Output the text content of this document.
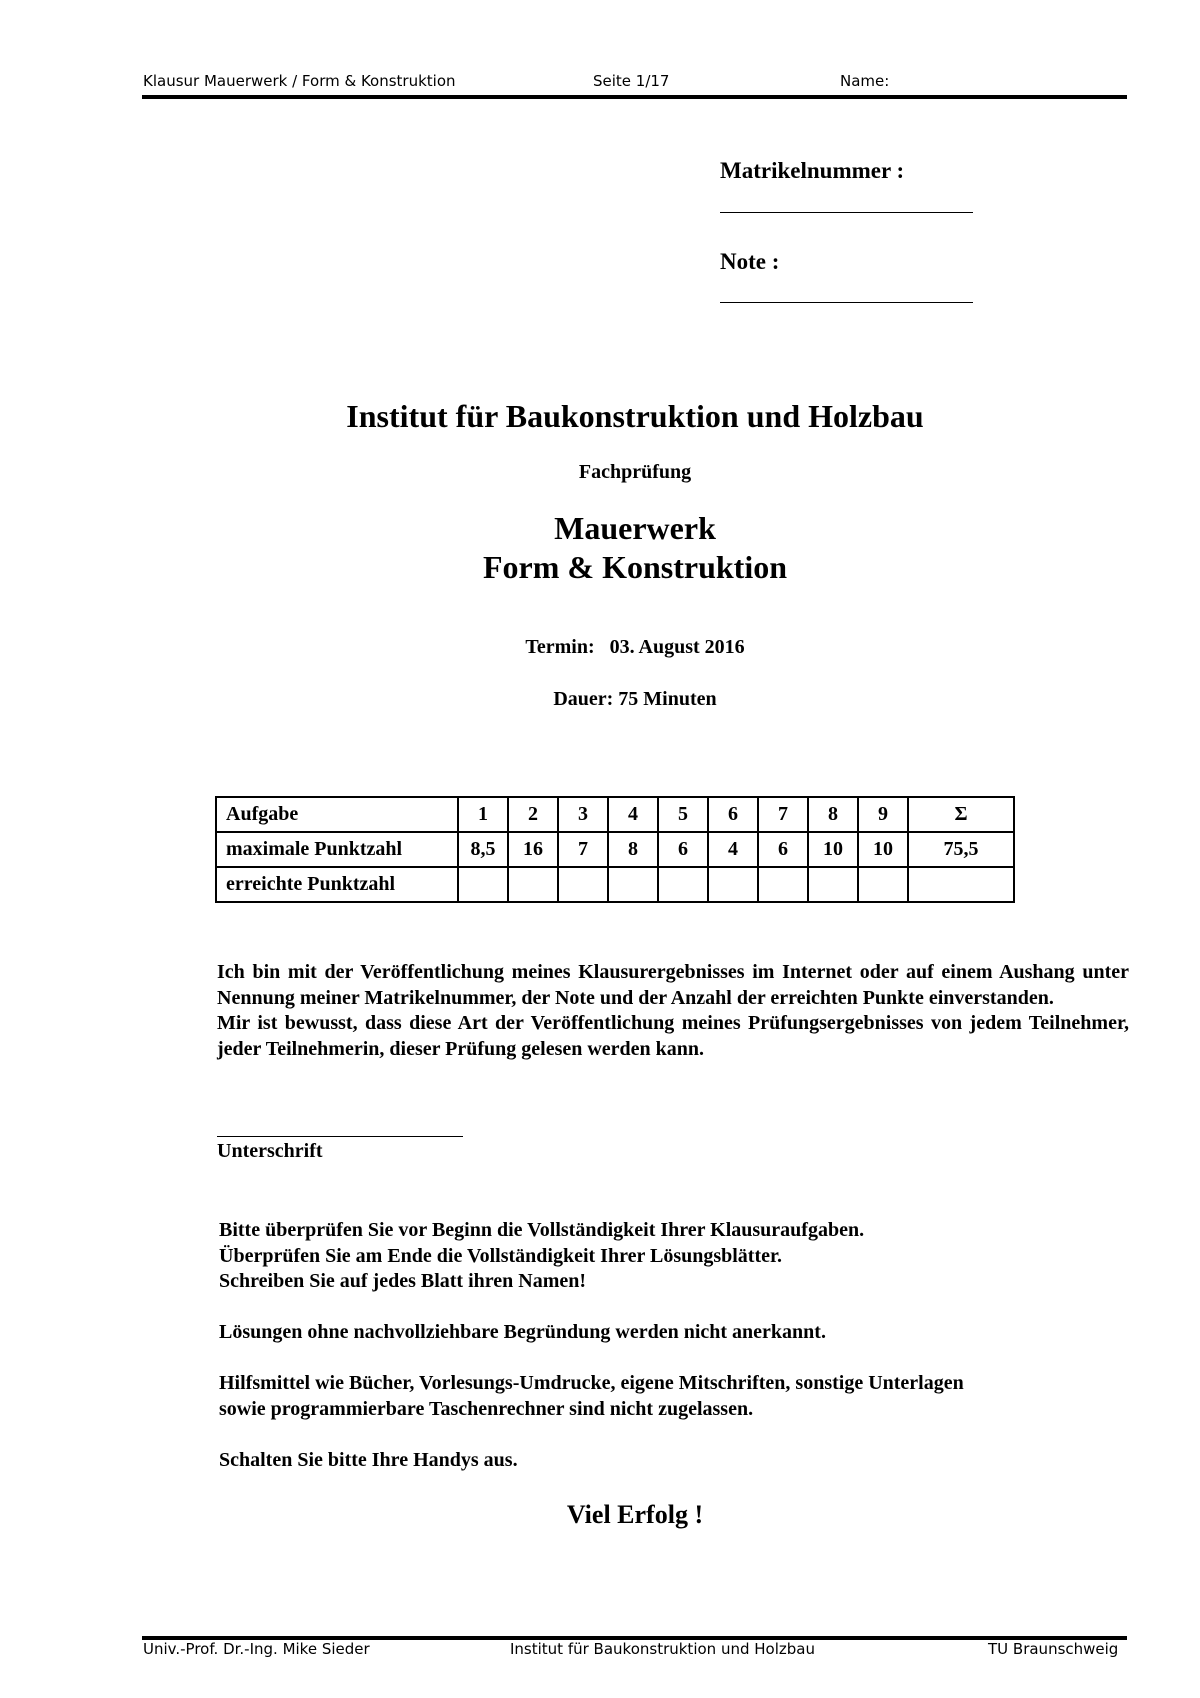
Klausur Mauerwerk / Form & Konstruktion	Seite 1/17	Name:
Matrikelnummer :
Note :
Institut für Baukonstruktion und Holzbau
Fachprüfung
Mauerwerk
Form & Konstruktion
Termin: 03. August 2016
Dauer: 75 Minuten
Aufgabe	1	2	3	4	5	6	7	8	9	Σ
maximale Punktzahl	8,5	16	7	8	6	4	6	10	10	75,5
erreichte Punktzahl										

Ich bin mit der Veröffentlichung meines Klausurergebnisses im Internet oder auf einem Aushang unter Nennung meiner Matrikelnummer, der Note und der Anzahl der erreichten Punkte einverstanden.

Mir ist bewusst, dass diese Art der Veröffentlichung meines Prüfungsergebnisses von jedem Teilnehmer, jeder Teilnehmerin, dieser Prüfung gelesen werden kann.

Unterschrift
Bitte überprüfen Sie vor Beginn die Vollständigkeit Ihrer Klausuraufgaben.
Überprüfen Sie am Ende die Vollständigkeit Ihrer Lösungsblätter.
Schreiben Sie auf jedes Blatt ihren Namen!
Lösungen ohne nachvollziehbare Begründung werden nicht anerkannt.
Hilfsmittel wie Bücher, Vorlesungs-Umdrucke, eigene Mitschriften, sonstige Unterlagen
sowie programmierbare Taschenrechner sind nicht zugelassen.
Schalten Sie bitte Ihre Handys aus.
Viel Erfolg !
Univ.-Prof. Dr.-Ing. Mike Sieder	Institut für Baukonstruktion und Holzbau	TU Braunschweig
